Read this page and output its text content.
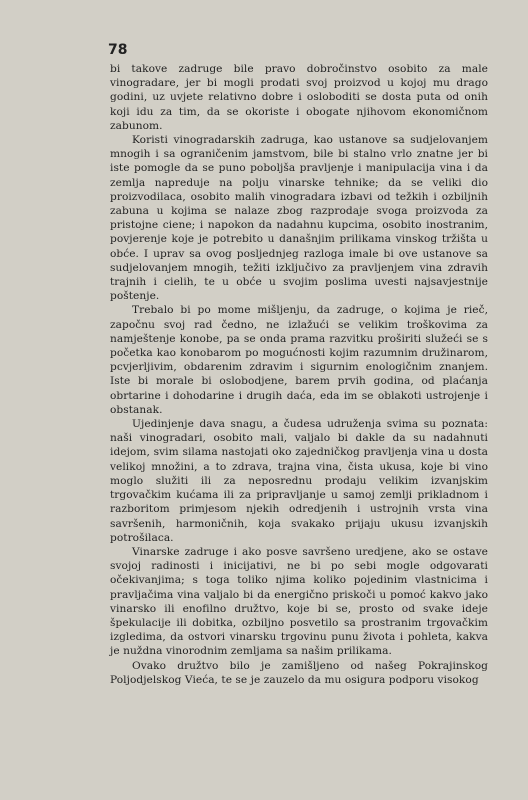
78

bi takove zadruge bile pravo dobročinstvo osobito za male vinogradare, jer bi mogli prodati svoj proizvod u kojoj mu drago godini, uz uvjete relativno dobre i osloboditi se dosta puta od onih koji idu za tim, da se okoriste i obogate njihovom ekonomičnom zabunom.

Koristi vinogradarskih zadruga, kao ustanove sa sudjelovanjem mnogih i sa ograničenim jamstvom, bile bi stalno vrlo znatne jer bi iste pomogle da se puno poboljša pravljenje i manipulacija vina i da zemlja napreduje na polju vinarske tehnike; da se veliki dio proizvodilaca, osobito malih vinogradara izbavi od težkih i ozbiljnih zabuna u kojima se nalaze zbog razprodaje svoga proizvoda za pristojne ciene; i napokon da nadahnu kupcima, osobito inostranim, povjerenje koje je potrebito u današnjim prilikama vinskog tržišta u obće. I uprav sa ovog posljednjeg razloga imale bi ove ustanove sa sudjelovanjem mnogih, težiti izključivo za pravljenjem vina zdravih trajnih i cielih, te u obće u svojim poslima uvesti najsavjestnije poštenje.

Trebalo bi po mome mišljenju, da zadruge, o kojima je rieč, započnu svoj rad čedno, ne izlažući se velikim troškovima za namještenje konobe, pa se onda prama razvitku proširiti služeći se s početka kao konobarom po mogućnosti kojim razumnim družinarom, pcvjerljivim, obdarenim zdravim i sigurnim enologičnim znanjem. Iste bi morale bi oslobodjene, barem prvih godina, od plaćanja obrtarine i dohodarine i drugih daća, eda im se oblakoti ustrojenje i obstanak.

Ujedinjenje dava snagu, a čudesa udruženja svima su poznata: naši vinogradari, osobito mali, valjalo bi dakle da su nadahnuti idejom, svim silama nastojati oko zajedničkog pravljenja vina u dosta velikoj množini, a to zdrava, trajna vina, čista ukusa, koje bi vino moglo služiti ili za neposrednu prodaju velikim izvanjskim trgovačkim kućama ili za pripravljanje u samoj zemlji prikladnom i razboritom primjesom njekih odredjenih i ustrojnih vrsta vina savršenih, harmoničnih, koja svakako prijaju ukusu izvanjskih potrošilaca.

Vinarske zadruge i ako posve savršeno uredjene, ako se ostave svojoj radinosti i inicijativi, ne bi po sebi mogle odgovarati očekivanjima; s toga toliko njima koliko pojedinim vlastnicima i pravljačima vina valjalo bi da energično priskoči u pomoć kakvo jako vinarsko ili enofilno družtvo, koje bi se, prosto od svake ideje špekulacije ili dobitka, ozbiljno posvetilo sa prostranim trgovačkim izgledima, da ostvori vinarsku trgovinu punu života i pohleta, kakva je nuždna vinorodnim zemljama sa našim prilikama.

Ovako družtvo bilo je zamišljeno od našeg Pokrajinskog Poljodjelskog Vieća, te se je zauzelo da mu osigura podporu visokog
